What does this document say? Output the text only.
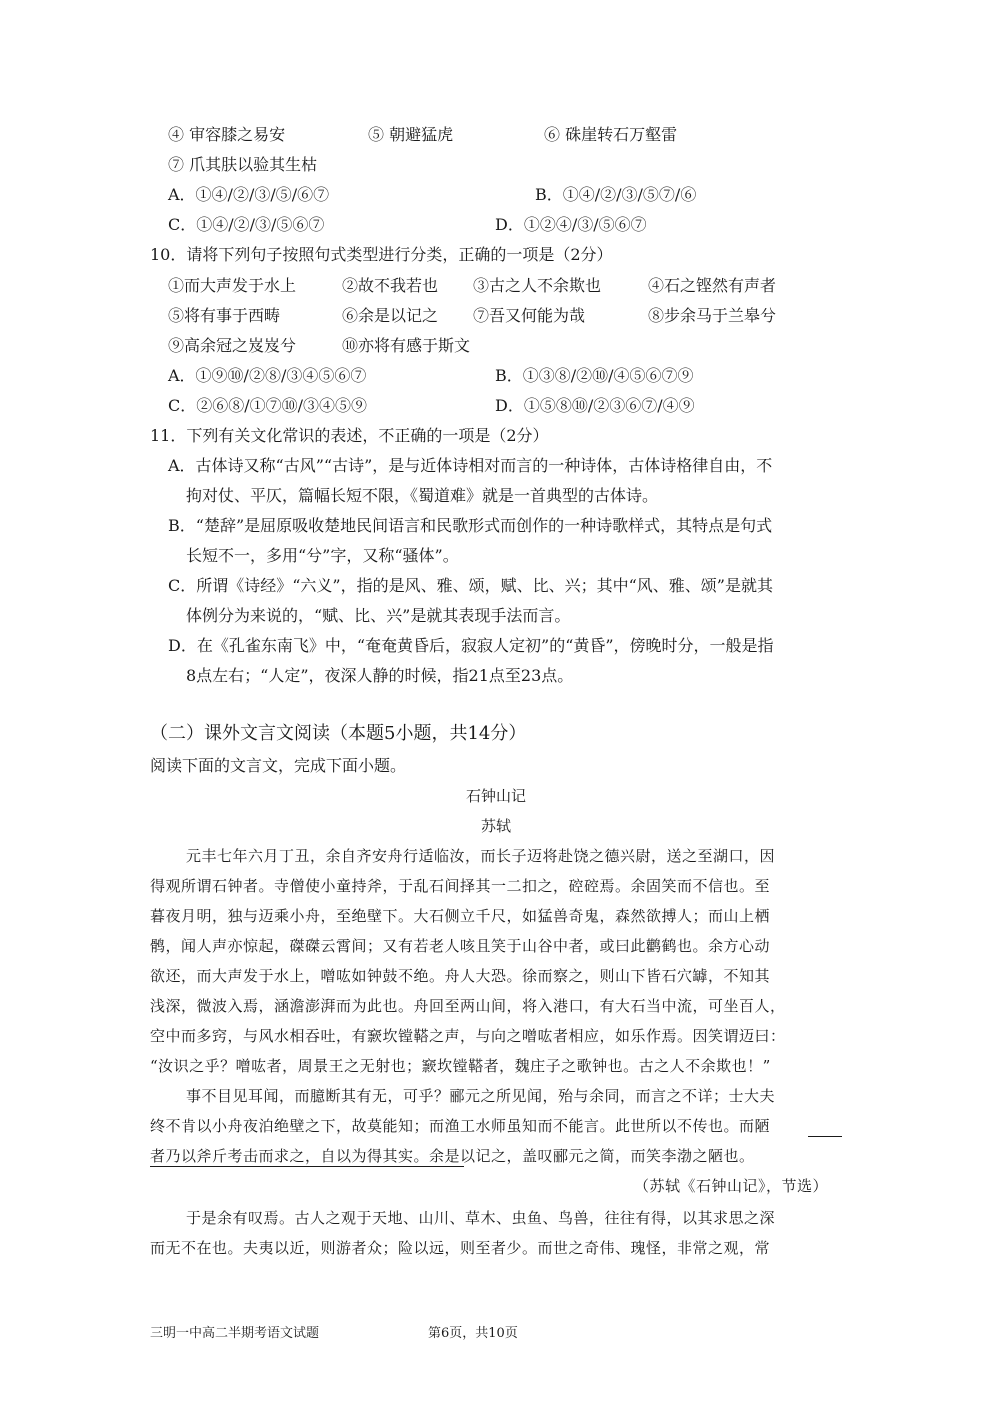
④ 审容膝之易安	⑤ 朝避猛虎	⑥ 硃崖转石万壑雷
⑦ 爪其肤以验其生枯
A．①④/②/③/⑤/⑥⑦	B．①④/②/③/⑤⑦/⑥
C．①④/②/③/⑤⑥⑦	D．①②④/③/⑤⑥⑦
10．请将下列句子按照句式类型进行分类，正确的一项是（2分）
①而大声发于水上	②故不我若也 ③古之人不余欺也	④石之铿然有声者
⑤将有事于西畴	⑥余是以记之 ⑦吾又何能为哉	⑧步余马于兰皋兮
⑨高余冠之岌岌兮	⑩亦将有感于斯文
A．①⑨⑩/②⑧/③④⑤⑥⑦	B．①③⑧/②⑩/④⑤⑥⑦⑨
C．②⑥⑧/①⑦⑩/③④⑤⑨	D．①⑤⑧⑩/②③⑥⑦/④⑨
11．下列有关文化常识的表述，不正确的一项是（2分）
A．古体诗又称“古风”“古诗”，是与近体诗相对而言的一种诗体，古体诗格律自由，不
拘对仗、平仄，篇幅长短不限，《蜀道难》就是一首典型的古体诗。
B．“楚辞”是屈原吸收楚地民间语言和民歌形式而创作的一种诗歌样式，其特点是句式
长短不一，多用“兮”字，又称“骚体”。
C．所谓《诗经》“六义”，指的是风、雅、颂，赋、比、兴；其中“风、雅、颂”是就其
体例分为来说的，“赋、比、兴”是就其表现手法而言。
D．在《孔雀东南飞》中，“奄奄黄昏后，寂寂人定初”的“黄昏”，傍晚时分，一般是指
8点左右；“人定”，夜深人静的时候，指21点至23点。
（二）课外文言文阅读（本题5小题，共14分）
阅读下面的文言文，完成下面小题。
石钟山记
苏轼
元丰七年六月丁丑，余自齐安舟行适临汝，而长子迈将赴饶之德兴尉，送之至湖口，因
得观所谓石钟者。寺僧使小童持斧，于乱石间择其一二扣之，硿硿焉。余固笑而不信也。至
暮夜月明，独与迈乘小舟，至绝壁下。大石侧立千尺，如猛兽奇鬼，森然欲搏人；而山上栖
鹘，闻人声亦惊起，磔磔云霄间；又有若老人咳且笑于山谷中者，或曰此鹳鹤也。余方心动
欲还，而大声发于水上，噌吰如钟鼓不绝。舟人大恐。徐而察之，则山下皆石穴罅，不知其
浅深，微波入焉，涵澹澎湃而为此也。舟回至两山间，将入港口，有大石当中流，可坐百人，
空中而多窍，与风水相吞吐，有窾坎镗鞳之声，与向之噌吰者相应，如乐作焉。因笑谓迈曰：
“汝识之乎？噌吰者，周景王之无射也；窾坎镗鞳者，魏庄子之歌钟也。古之人不余欺也！”
事不目见耳闻，而臆断其有无，可乎？郦元之所见闻，殆与余同，而言之不详；士大夫
终不肯以小舟夜泊绝壁之下，故莫能知；而渔工水师虽知而不能言。此世所以不传也。而陋
者乃以斧斤考击而求之，自以为得其实。余是以记之，盖叹郦元之简，而笑李渤之陋也。
（苏轼《石钟山记》，节选）
于是余有叹焉。古人之观于天地、山川、草木、虫鱼、鸟兽，往往有得，以其求思之深
而无不在也。夫夷以近，则游者众；险以远，则至者少。而世之奇伟、瑰怪，非常之观，常
三明一中高二半期考语文试题	第6页，共10页
